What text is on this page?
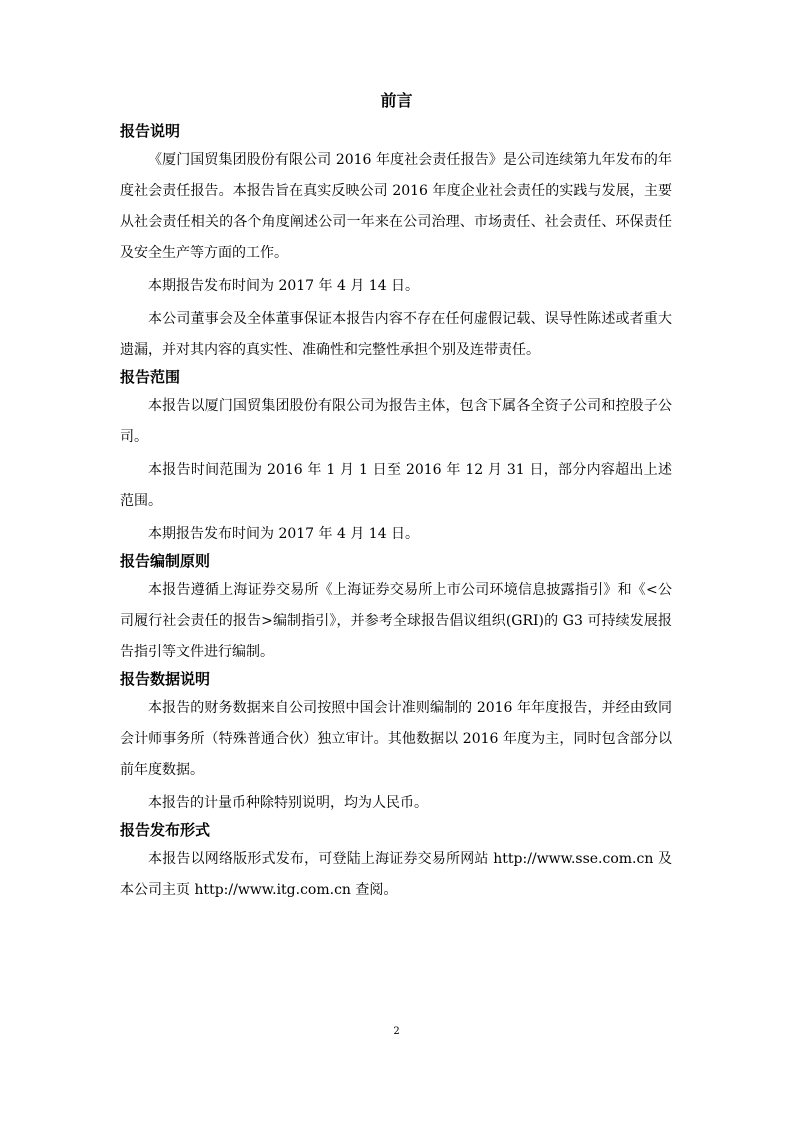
前言
报告说明

《厦门国贸集团股份有限公司 2016 年度社会责任报告》是公司连续第九年发布的年度社会责任报告。本报告旨在真实反映公司 2016 年度企业社会责任的实践与发展，主要从社会责任相关的各个角度阐述公司一年来在公司治理、市场责任、社会责任、环保责任及安全生产等方面的工作。

本期报告发布时间为 2017 年 4 月 14 日。

本公司董事会及全体董事保证本报告内容不存在任何虚假记载、误导性陈述或者重大遗漏，并对其内容的真实性、准确性和完整性承担个别及连带责任。

报告范围

本报告以厦门国贸集团股份有限公司为报告主体，包含下属各全资子公司和控股子公司。

本报告时间范围为 2016 年 1 月 1 日至 2016 年 12 月 31 日，部分内容超出上述范围。

本期报告发布时间为 2017 年 4 月 14 日。

报告编制原则

本报告遵循上海证券交易所《上海证券交易所上市公司环境信息披露指引》和《<公司履行社会责任的报告>编制指引》，并参考全球报告倡议组织(GRI)的 G3 可持续发展报告指引等文件进行编制。

报告数据说明

本报告的财务数据来自公司按照中国会计准则编制的 2016 年年度报告，并经由致同会计师事务所（特殊普通合伙）独立审计。其他数据以 2016 年度为主，同时包含部分以前年度数据。

本报告的计量币种除特别说明，均为人民币。

报告发布形式

本报告以网络版形式发布，可登陆上海证券交易所网站 http://www.sse.com.cn 及本公司主页 http://www.itg.com.cn 查阅。

2
